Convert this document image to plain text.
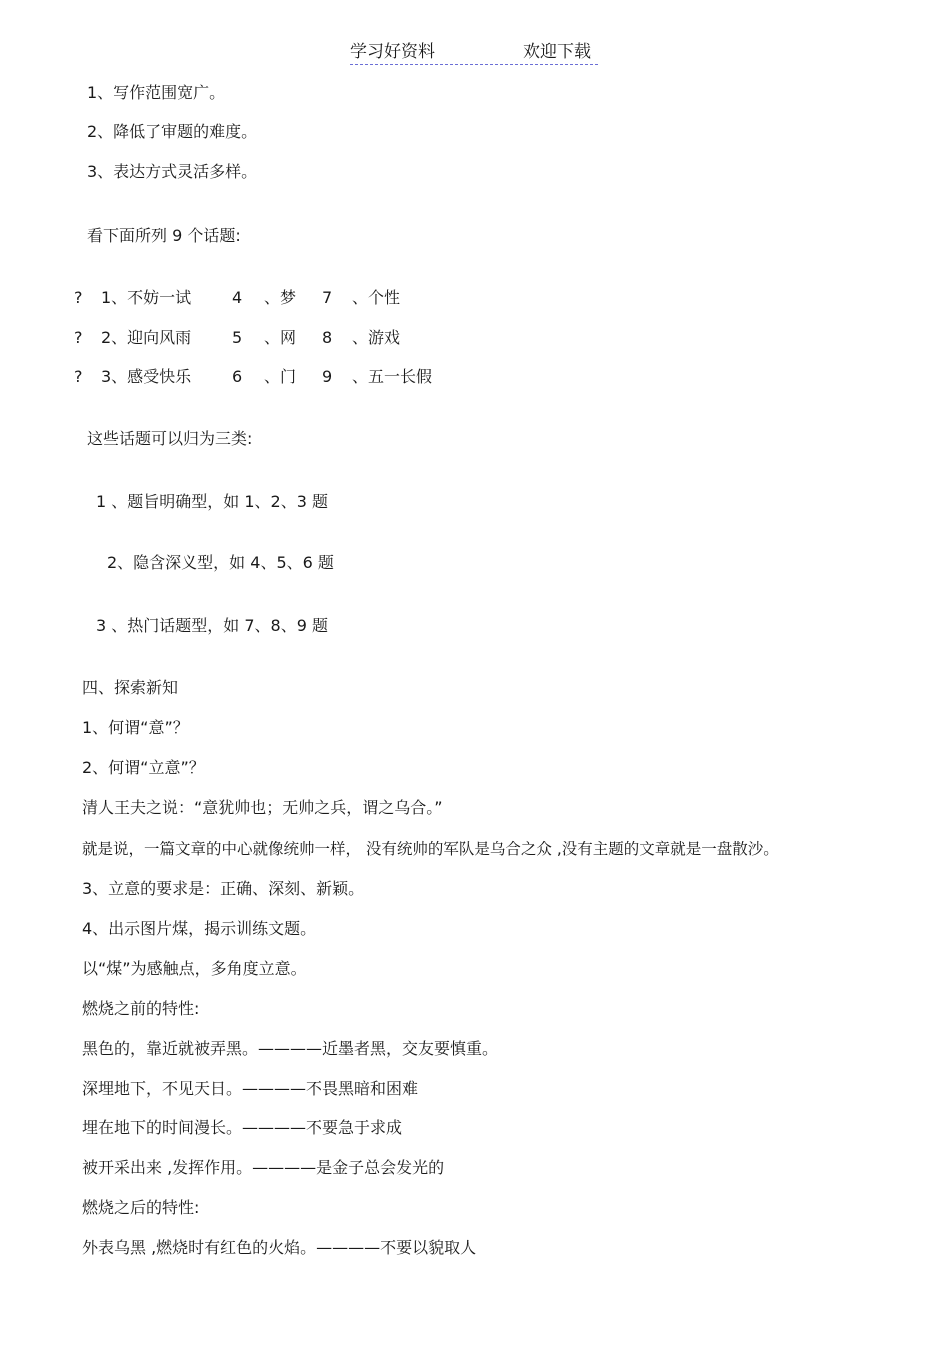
学习好资料	欢迎下载
1、写作范围宽广。
2、降低了审题的难度。
3、表达方式灵活多样。
看下面所列 9 个话题:
? 1、不妨一试	4 、梦 7 、个性
? 2、迎向风雨	5 、网 8 、游戏
? 3、感受快乐	6 、门 9 、五一长假
这些话题可以归为三类:
1 、题旨明确型，如 1、2、3 题
2、隐含深义型，如 4、5、6 题
3 、热门话题型，如 7、8、9 题
四、探索新知
1、何谓“意”？
2、何谓“立意”？
清人王夫之说：“意犹帅也；无帅之兵，谓之乌合。”
就是说，一篇文章的中心就像统帅一样， 没有统帅的军队是乌合之众 ,没有主题的文章就是一盘散沙。
3、立意的要求是：正确、深刻、新颖。
4、出示图片煤，揭示训练文题。
以“煤”为感触点，多角度立意。
燃烧之前的特性:
黑色的，靠近就被弄黑。————近墨者黑，交友要慎重。
深埋地下，不见天日。————不畏黑暗和困难
埋在地下的时间漫长。————不要急于求成
被开采出来 ,发挥作用。————是金子总会发光的
燃烧之后的特性:
外表乌黑 ,燃烧时有红色的火焰。————不要以貌取人
